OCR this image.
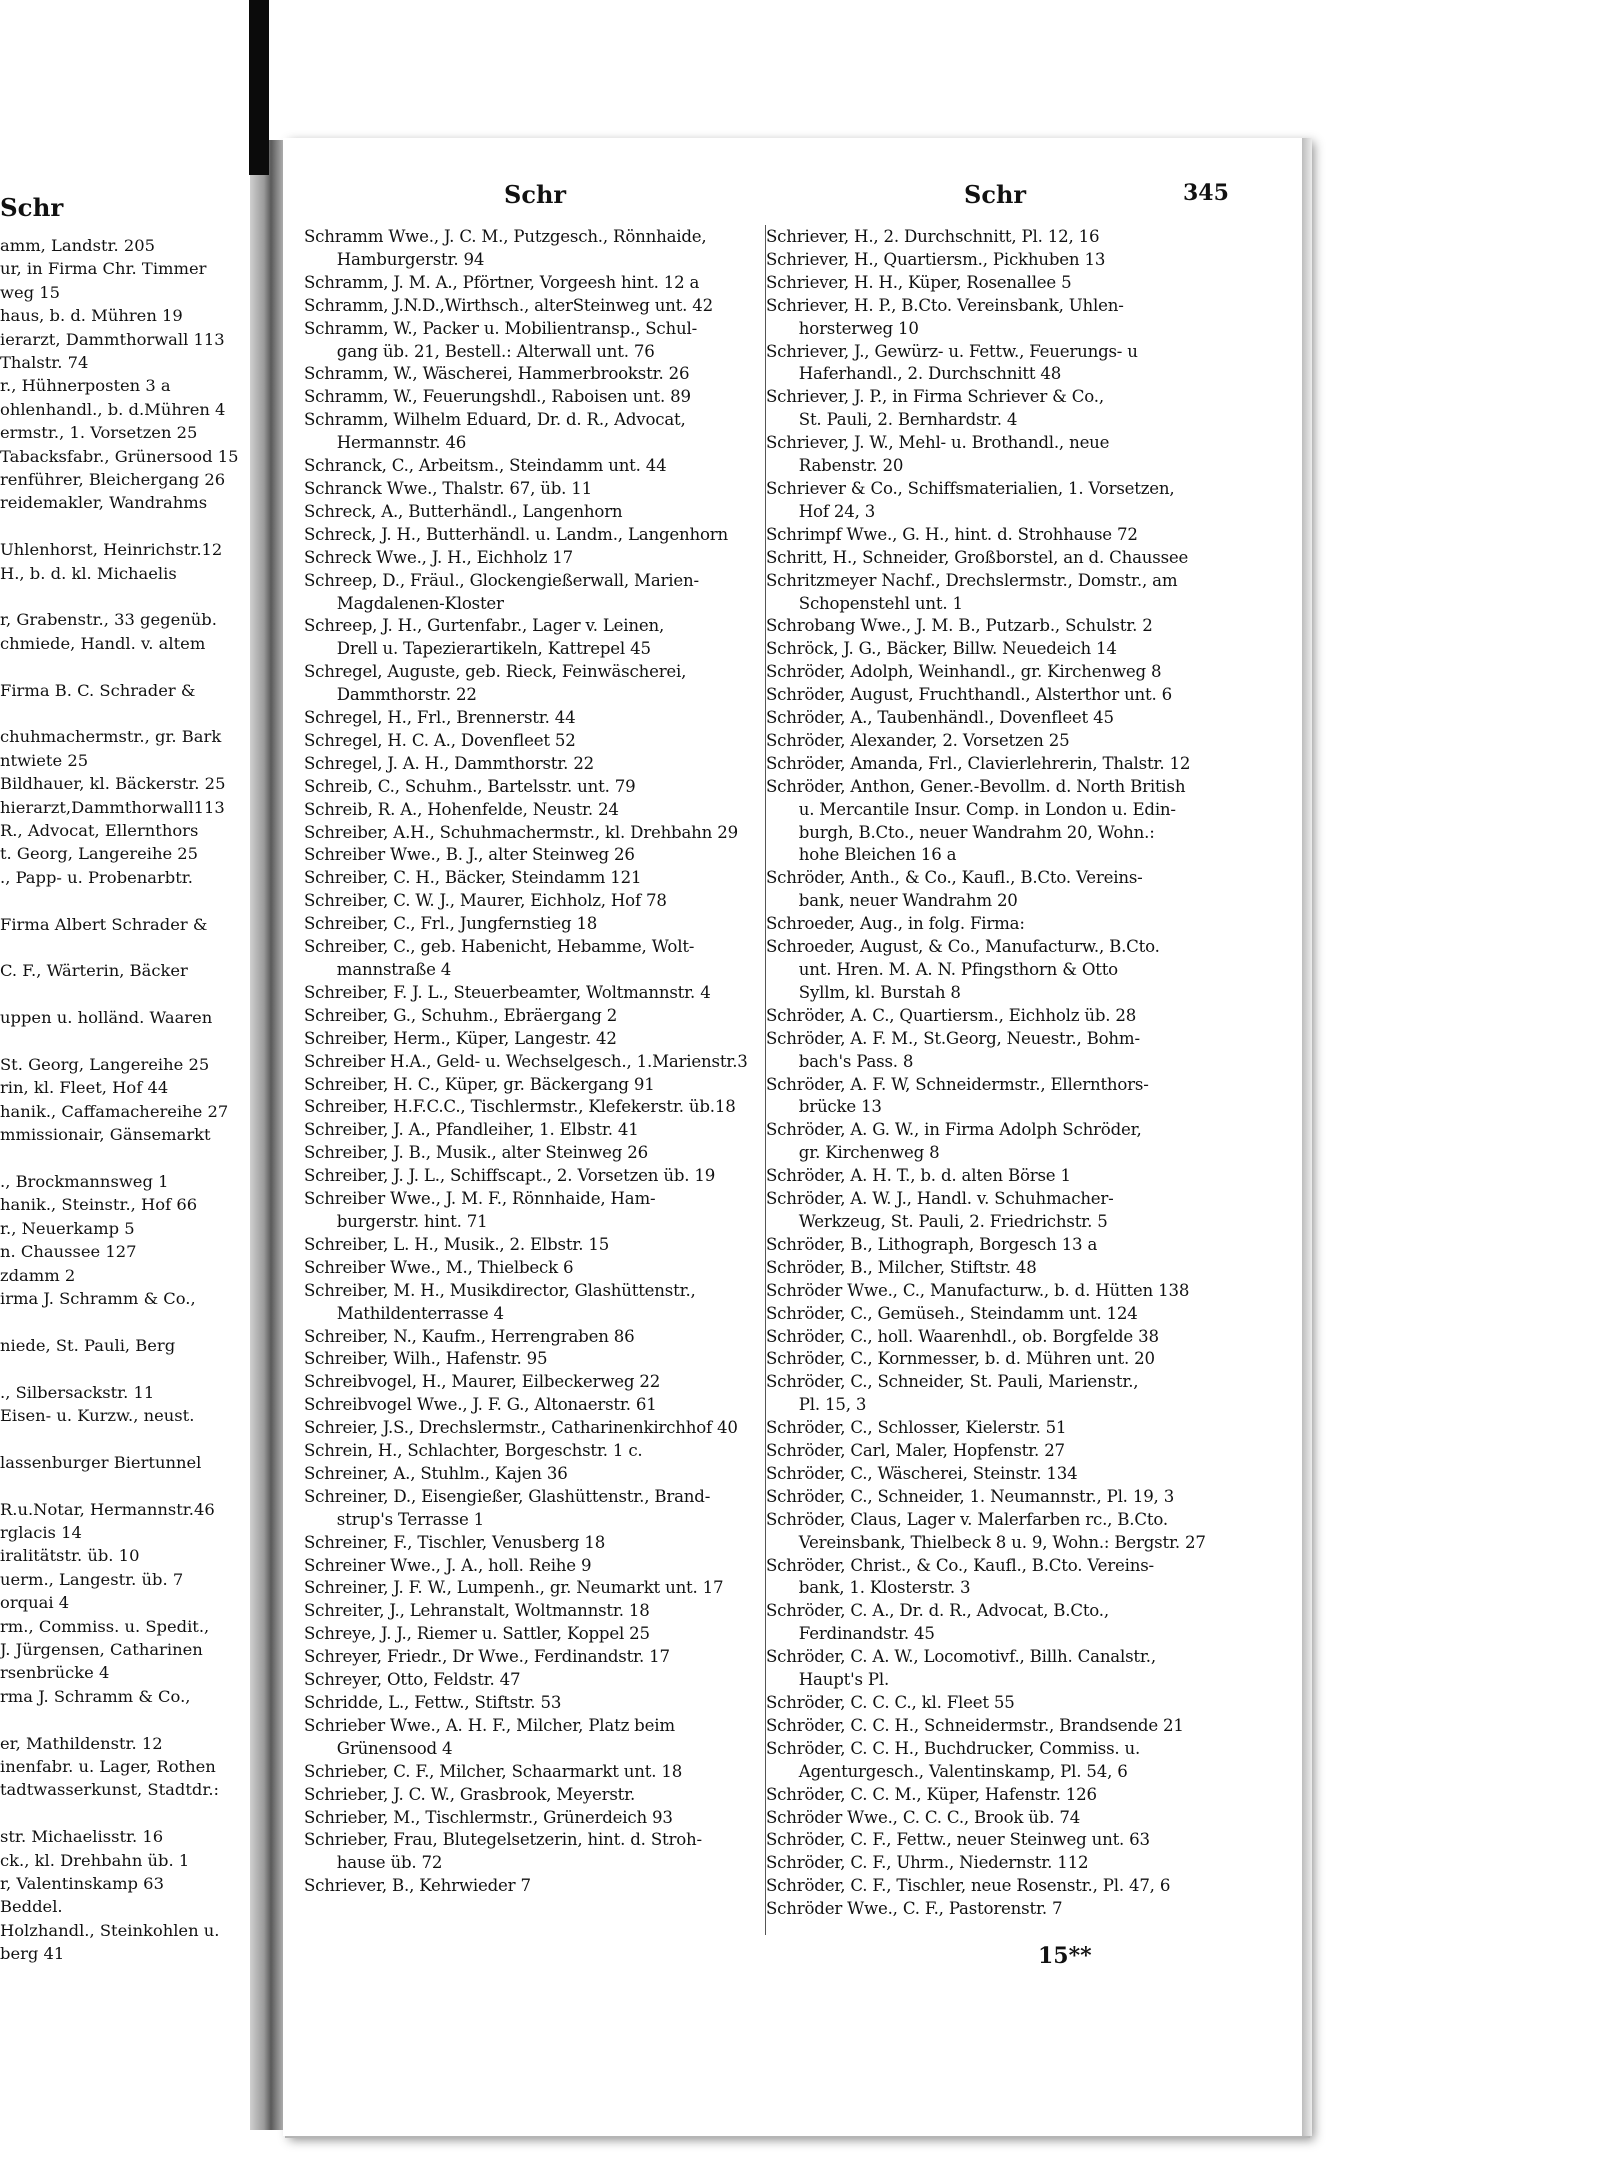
Schr
amm, Landstr. 205
ur, in Firma Chr. Timmer
weg 15
haus, b. d. Mühren 19
ierarzt, Dammthorwall 113
Thalstr. 74
r., Hühnerposten 3 a
ohlenhandl., b. d.Mühren 4
ermstr., 1. Vorsetzen 25
Tabacksfabr., Grünersood 15
renführer, Bleichergang 26
reidemakler, Wandrahms
Uhlenhorst, Heinrichstr.12
H., b. d. kl. Michaelis
r, Grabenstr., 33 gegenüb.
chmiede, Handl. v. altem
Firma B. C. Schrader &
chuhmachermstr., gr. Bark
ntwiete 25
Bildhauer, kl. Bäckerstr. 25
hierarzt,Dammthorwall113
R., Advocat, Ellernthors
t. Georg, Langereihe 25
., Papp- u. Probenarbtr.
Firma Albert Schrader &
C. F., Wärterin, Bäcker
uppen u. holländ. Waaren
St. Georg, Langereihe 25
rin, kl. Fleet, Hof 44
hanik., Caffamachereihe 27
mmissionair, Gänsemarkt
., Brockmannsweg 1
hanik., Steinstr., Hof 66
r., Neuerkamp 5
n. Chaussee 127
zdamm 2
irma J. Schramm & Co.,
niede, St. Pauli, Berg
., Silbersackstr. 11
Eisen- u. Kurzw., neust.
lassenburger Biertunnel
R.u.Notar, Hermannstr.46
rglacis 14
iralitätstr. üb. 10
uerm., Langestr. üb. 7
orquai 4
rm., Commiss. u. Spedit.,
J. Jürgensen, Catharinen
rsenbrücke 4
rma J. Schramm & Co.,
er, Mathildenstr. 12
inenfabr. u. Lager, Rothen
tadtwasserkunst, Stadtdr.:
str. Michaelisstr. 16
ck., kl. Drehbahn üb. 1
r, Valentinskamp 63
Beddel.
Holzhandl., Steinkohlen u.
berg 41
Schr	Schr	345
Schramm Wwe., J. C. M., Putzgesch., Rönnhaide,
  Hamburgerstr. 94
Schramm, J. M. A., Pförtner, Vorgeesh hint. 12 a
Schramm, J.N.D.,Wirthsch., alterSteinweg unt. 42
Schramm, W., Packer u. Mobilientransp., Schul-
  gang üb. 21, Bestell.: Alterwall unt. 76
Schramm, W., Wäscherei, Hammerbrookstr. 26
Schramm, W., Feuerungshdl., Raboisen unt. 89
Schramm, Wilhelm Eduard, Dr. d. R., Advocat,
  Hermannstr. 46
Schranck, C., Arbeitsm., Steindamm unt. 44
Schranck Wwe., Thalstr. 67, üb. 11
Schreck, A., Butterhändl., Langenhorn
Schreck, J. H., Butterhändl. u. Landm., Langenhorn
Schreck Wwe., J. H., Eichholz 17
Schreep, D., Fräul., Glockengießerwall, Marien-
  Magdalenen-Kloster
Schreep, J. H., Gurtenfabr., Lager v. Leinen,
  Drell u. Tapezierartikeln, Kattrepel 45
Schregel, Auguste, geb. Rieck, Feinwäscherei,
  Dammthorstr. 22
Schregel, H., Frl., Brennerstr. 44
Schregel, H. C. A., Dovenfleet 52
Schregel, J. A. H., Dammthorstr. 22
Schreib, C., Schuhm., Bartelsstr. unt. 79
Schreib, R. A., Hohenfelde, Neustr. 24
Schreiber, A.H., Schuhmachermstr., kl. Drehbahn 29
Schreiber Wwe., B. J., alter Steinweg 26
Schreiber, C. H., Bäcker, Steindamm 121
Schreiber, C. W. J., Maurer, Eichholz, Hof 78
Schreiber, C., Frl., Jungfernstieg 18
Schreiber, C., geb. Habenicht, Hebamme, Wolt-
  mannstraße 4
Schreiber, F. J. L., Steuerbeamter, Woltmannstr. 4
Schreiber, G., Schuhm., Ebräergang 2
Schreiber, Herm., Küper, Langestr. 42
Schreiber H.A., Geld- u. Wechselgesch., 1.Marienstr.3
Schreiber, H. C., Küper, gr. Bäckergang 91
Schreiber, H.F.C.C., Tischlermstr., Klefekerstr. üb.18
Schreiber, J. A., Pfandleiher, 1. Elbstr. 41
Schreiber, J. B., Musik., alter Steinweg 26
Schreiber, J. J. L., Schiffscapt., 2. Vorsetzen üb. 19
Schreiber Wwe., J. M. F., Rönnhaide, Ham-
  burgerstr. hint. 71
Schreiber, L. H., Musik., 2. Elbstr. 15
Schreiber Wwe., M., Thielbeck 6
Schreiber, M. H., Musikdirector, Glashüttenstr.,
  Mathildenterrasse 4
Schreiber, N., Kaufm., Herrengraben 86
Schreiber, Wilh., Hafenstr. 95
Schreibvogel, H., Maurer, Eilbeckerweg 22
Schreibvogel Wwe., J. F. G., Altonaerstr. 61
Schreier, J.S., Drechslermstr., Catharinenkirchhof 40
Schrein, H., Schlachter, Borgeschstr. 1 c.
Schreiner, A., Stuhlm., Kajen 36
Schreiner, D., Eisengießer, Glashüttenstr., Brand-
  strup's Terrasse 1
Schreiner, F., Tischler, Venusberg 18
Schreiner Wwe., J. A., holl. Reihe 9
Schreiner, J. F. W., Lumpenh., gr. Neumarkt unt. 17
Schreiter, J., Lehranstalt, Woltmannstr. 18
Schreye, J. J., Riemer u. Sattler, Koppel 25
Schreyer, Friedr., Dr Wwe., Ferdinandstr. 17
Schreyer, Otto, Feldstr. 47
Schridde, L., Fettw., Stiftstr. 53
Schrieber Wwe., A. H. F., Milcher, Platz beim
  Grünensood 4
Schrieber, C. F., Milcher, Schaarmarkt unt. 18
Schrieber, J. C. W., Grasbrook, Meyerstr.
Schrieber, M., Tischlermstr., Grünerdeich 93
Schrieber, Frau, Blutegelsetzerin, hint. d. Stroh-
  hause üb. 72
Schriever, B., Kehrwieder 7
Schriever, H., 2. Durchschnitt, Pl. 12, 16
Schriever, H., Quartiersm., Pickhuben 13
Schriever, H. H., Küper, Rosenallee 5
Schriever, H. P., B.Cto. Vereinsbank, Uhlen-
  horsterweg 10
Schriever, J., Gewürz- u. Fettw., Feuerungs- u
  Haferhandl., 2. Durchschnitt 48
Schriever, J. P., in Firma Schriever & Co.,
  St. Pauli, 2. Bernhardstr. 4
Schriever, J. W., Mehl- u. Brothandl., neue
  Rabenstr. 20
Schriever & Co., Schiffsmaterialien, 1. Vorsetzen,
  Hof 24, 3
Schrimpf Wwe., G. H., hint. d. Strohhause 72
Schritt, H., Schneider, Großborstel, an d. Chaussee
Schritzmeyer Nachf., Drechslermstr., Domstr., am
  Schopenstehl unt. 1
Schrobang Wwe., J. M. B., Putzarb., Schulstr. 2
Schröck, J. G., Bäcker, Billw. Neuedeich 14
Schröder, Adolph, Weinhandl., gr. Kirchenweg 8
Schröder, August, Fruchthandl., Alsterthor unt. 6
Schröder, A., Taubenhändl., Dovenfleet 45
Schröder, Alexander, 2. Vorsetzen 25
Schröder, Amanda, Frl., Clavierlehrerin, Thalstr. 12
Schröder, Anthon, Gener.-Bevollm. d. North British
  u. Mercantile Insur. Comp. in London u. Edin-
  burgh, B.Cto., neuer Wandrahm 20, Wohn.:
  hohe Bleichen 16 a
Schröder, Anth., & Co., Kaufl., B.Cto. Vereins-
  bank, neuer Wandrahm 20
Schroeder, Aug., in folg. Firma:
Schroeder, August, & Co., Manufacturw., B.Cto.
  unt. Hren. M. A. N. Pfingsthorn & Otto
  Syllm, kl. Burstah 8
Schröder, A. C., Quartiersm., Eichholz üb. 28
Schröder, A. F. M., St.Georg, Neuestr., Bohm-
  bach's Pass. 8
Schröder, A. F. W, Schneidermstr., Ellernthors-
  brücke 13
Schröder, A. G. W., in Firma Adolph Schröder,
  gr. Kirchenweg 8
Schröder, A. H. T., b. d. alten Börse 1
Schröder, A. W. J., Handl. v. Schuhmacher-
  Werkzeug, St. Pauli, 2. Friedrichstr. 5
Schröder, B., Lithograph, Borgesch 13 a
Schröder, B., Milcher, Stiftstr. 48
Schröder Wwe., C., Manufacturw., b. d. Hütten 138
Schröder, C., Gemüseh., Steindamm unt. 124
Schröder, C., holl. Waarenhdl., ob. Borgfelde 38
Schröder, C., Kornmesser, b. d. Mühren unt. 20
Schröder, C., Schneider, St. Pauli, Marienstr.,
  Pl. 15, 3
Schröder, C., Schlosser, Kielerstr. 51
Schröder, Carl, Maler, Hopfenstr. 27
Schröder, C., Wäscherei, Steinstr. 134
Schröder, C., Schneider, 1. Neumannstr., Pl. 19, 3
Schröder, Claus, Lager v. Malerfarben rc., B.Cto.
  Vereinsbank, Thielbeck 8 u. 9, Wohn.: Bergstr. 27
Schröder, Christ., & Co., Kaufl., B.Cto. Vereins-
  bank, 1. Klosterstr. 3
Schröder, C. A., Dr. d. R., Advocat, B.Cto.,
  Ferdinandstr. 45
Schröder, C. A. W., Locomotivf., Billh. Canalstr.,
  Haupt's Pl.
Schröder, C. C. C., kl. Fleet 55
Schröder, C. C. H., Schneidermstr., Brandsende 21
Schröder, C. C. H., Buchdrucker, Commiss. u.
  Agenturgesch., Valentinskamp, Pl. 54, 6
Schröder, C. C. M., Küper, Hafenstr. 126
Schröder Wwe., C. C. C., Brook üb. 74
Schröder, C. F., Fettw., neuer Steinweg unt. 63
Schröder, C. F., Uhrm., Niedernstr. 112
Schröder, C. F., Tischler, neue Rosenstr., Pl. 47, 6
Schröder Wwe., C. F., Pastorenstr. 7
15**
